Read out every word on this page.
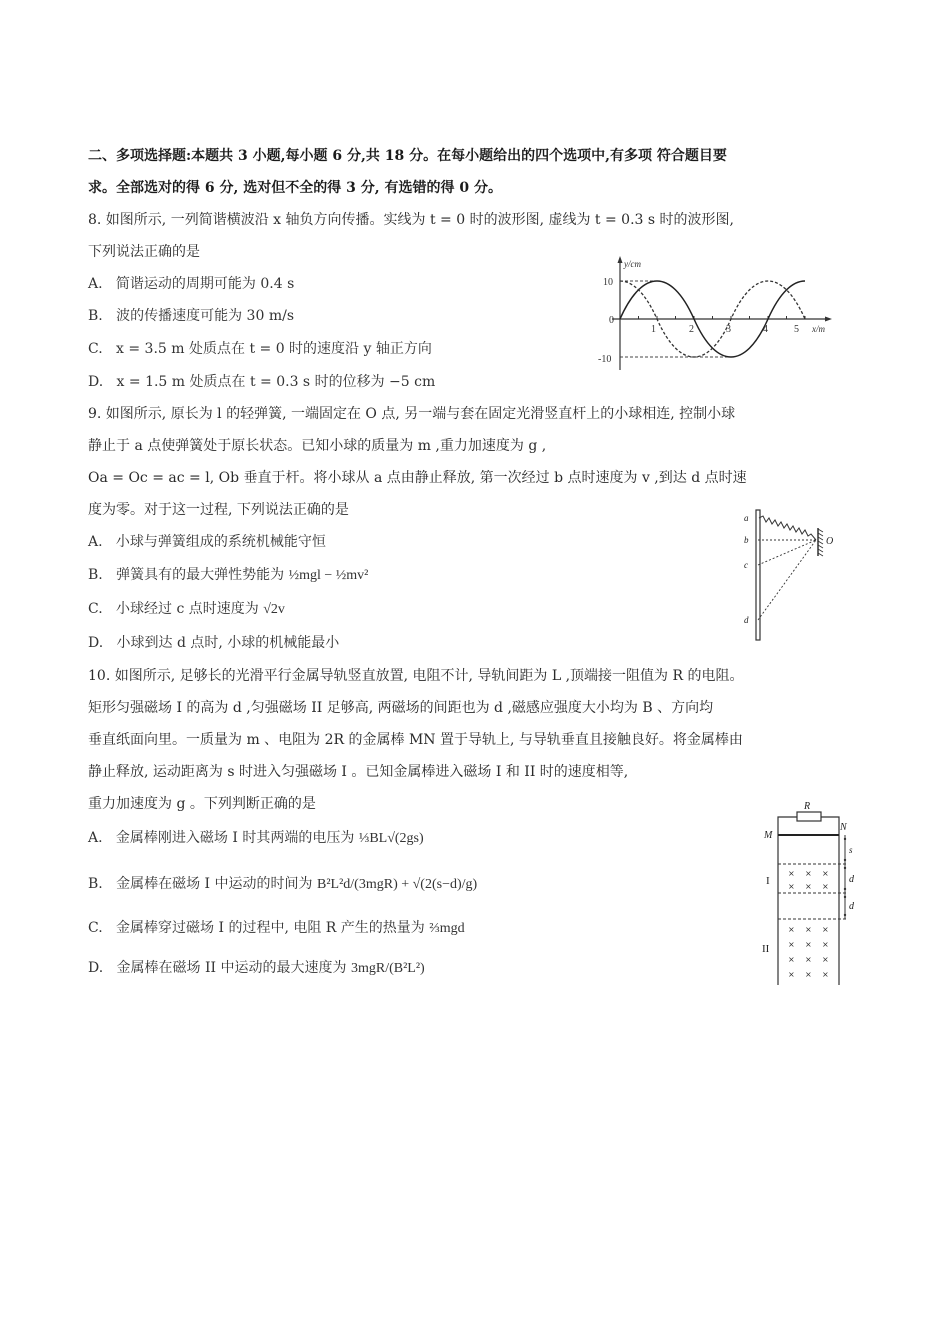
二、多项选择题:本题共 3 小题,每小题 6 分,共 18 分。在每小题给出的四个选项中,有多项 符合题目要
求。全部选对的得 6 分, 选对但不全的得 3 分, 有选错的得 0 分。
8. 如图所示, 一列简谐横波沿 x 轴负方向传播。实线为 t = 0 时的波形图, 虚线为 t = 0.3 s 时的波形图,
下列说法正确的是
A. 简谐运动的周期可能为 0.4 s
B. 波的传播速度可能为 30 m/s
C. x = 3.5 m 处质点在 t = 0 时的速度沿 y 轴正方向
D. x = 1.5 m 处质点在 t = 0.3 s 时的位移为 −5 cm
y/cm
x/m
10
0
-10
1	2	3	4	5
9. 如图所示, 原长为 l 的轻弹簧, 一端固定在 O 点, 另一端与套在固定光滑竖直杆上的小球相连, 控制小球
静止于 a 点使弹簧处于原长状态。已知小球的质量为 m ,重力加速度为 g ,
Oa = Oc = ac = l, Ob 垂直于杆。将小球从 a 点由静止释放, 第一次经过 b 点时速度为 v ,到达 d 点时速
度为零。对于这一过程, 下列说法正确的是
A. 小球与弹簧组成的系统机械能守恒
B. 弹簧具有的最大弹性势能为 ½mgl − ½mv²
C. 小球经过 c 点时速度为 √2v
D. 小球到达 d 点时, 小球的机械能最小
a
b
c
d
O
10. 如图所示, 足够长的光滑平行金属导轨竖直放置, 电阻不计, 导轨间距为 L ,顶端接一阻值为 R 的电阻。
矩形匀强磁场 I 的高为 d ,匀强磁场 II 足够高, 两磁场的间距也为 d ,磁感应强度大小均为 B 、方向均
垂直纸面向里。一质量为 m 、电阻为 2R 的金属棒 MN 置于导轨上, 与导轨垂直且接触良好。将金属棒由
静止释放, 运动距离为 s 时进入匀强磁场 I 。已知金属棒进入磁场 I 和 II 时的速度相等,
重力加速度为 g 。下列判断正确的是
A. 金属棒刚进入磁场 I 时其两端的电压为 ⅓BL√(2gs)
B. 金属棒在磁场 I 中运动的时间为 B²L²d/(3mgR) + √(2(s−d)/g)
C. 金属棒穿过磁场 I 的过程中, 电阻 R 产生的热量为 ⅔mgd
D. 金属棒在磁场 II 中运动的最大速度为 3mgR/(B²L²)
R
M
N
s
d
d
I
× × ×
× × ×
II
× × ×
× × ×
× × ×
× × ×
